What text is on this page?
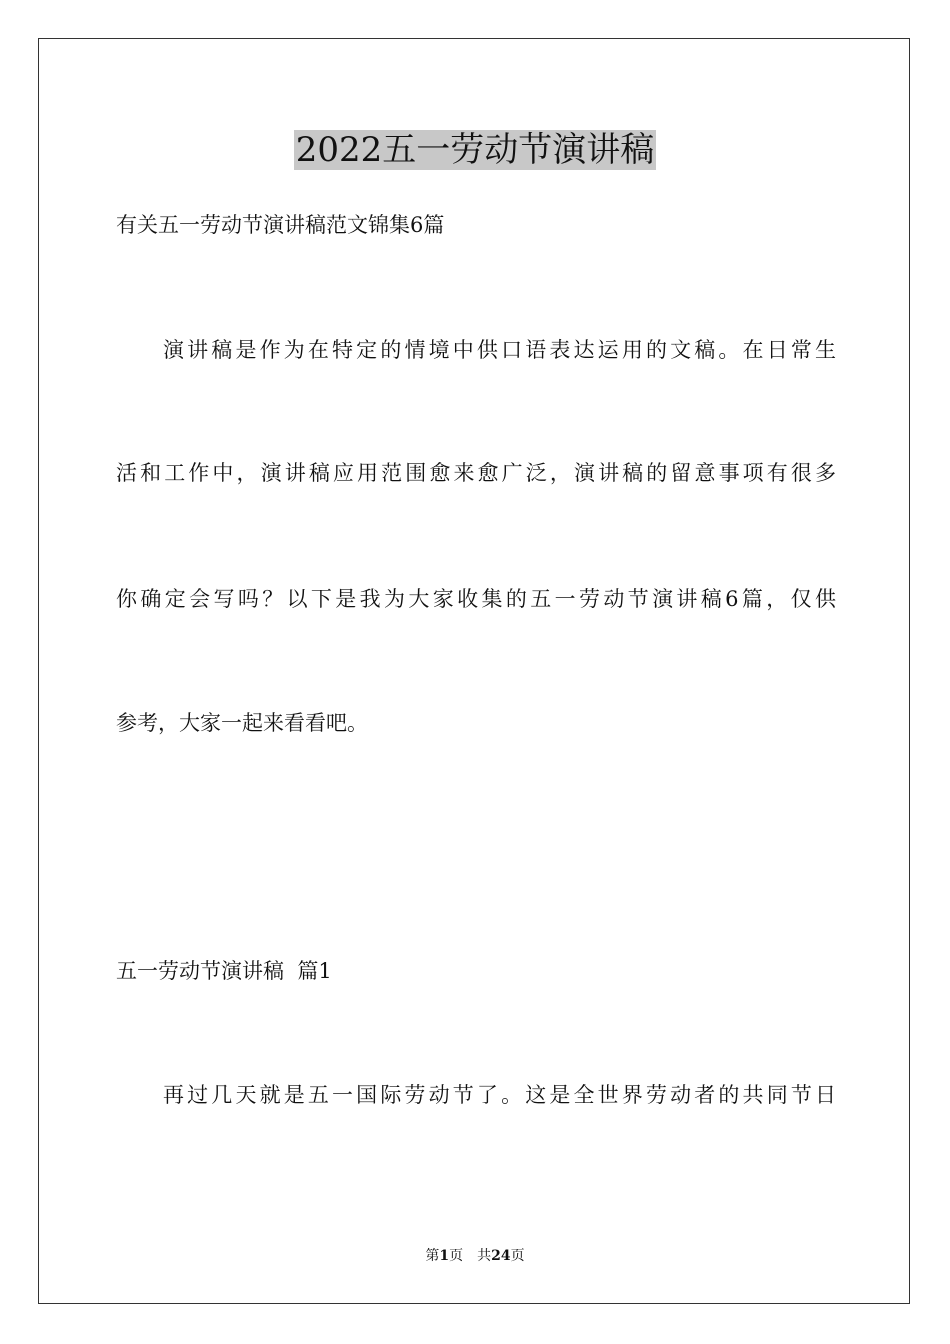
2022五一劳动节演讲稿

有关五一劳动节演讲稿范文锦集6篇

演讲稿是作为在特定的情境中供口语表达运用的文稿。在日常生

活和工作中，演讲稿应用范围愈来愈广泛，演讲稿的留意事项有很多

你确定会写吗？以下是我为大家收集的五一劳动节演讲稿6篇，仅供

参考，大家一起来看看吧。

五一劳动节演讲稿  篇1

再过几天就是五一国际劳动节了。这是全世界劳动者的共同节日

第1页 共24页
